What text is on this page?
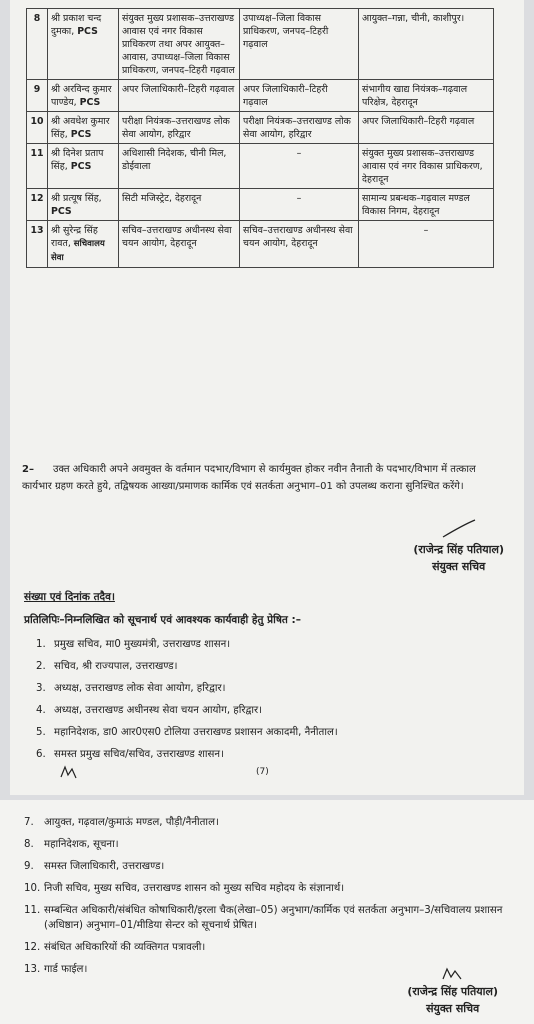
8	श्री प्रकाश चन्द दुमका, PCS	संयुक्त मुख्य प्रशासक–उत्तराखण्ड आवास एवं नगर विकास प्राधिकरण तथा अपर आयुक्त–आवास, उपाध्यक्ष–जिला विकास प्राधिकरण, जनपद–टिहरी गढ़वाल	उपाध्यक्ष–जिला विकास प्राधिकरण, जनपद–टिहरी गढ़वाल	आयुक्त–गन्ना, चीनी, काशीपुर।
9	श्री अरविन्द कुमार पाण्डेय, PCS	अपर जिलाधिकारी–टिहरी गढ़वाल	अपर जिलाधिकारी–टिहरी गढ़वाल	संभागीय खाद्य नियंत्रक–गढ़वाल परिक्षेत्र, देहरादून
10	श्री अवधेश कुमार सिंह, PCS	परीक्षा नियंत्रक–उत्तराखण्ड लोक सेवा आयोग, हरिद्वार	परीक्षा नियंत्रक–उत्तराखण्ड लोक सेवा आयोग, हरिद्वार	अपर जिलाधिकारी–टिहरी गढ़वाल
11	श्री दिनेश प्रताप सिंह, PCS	अधिशासी निदेशक, चीनी मिल, डोईवाला	–	संयुक्त मुख्य प्रशासक–उत्तराखण्ड आवास एवं नगर विकास प्राधिकरण, देहरादून
12	श्री प्रत्यूष सिंह, PCS	सिटी मजिस्ट्रेट, देहरादून	–	सामान्य प्रबन्धक–गढ़वाल मण्डल विकास निगम, देहरादून
13	श्री सुरेन्द्र सिंह रावत, सचिवालय सेवा	सचिव–उत्तराखण्ड अधीनस्थ सेवा चयन आयोग, देहरादून	सचिव–उत्तराखण्ड अधीनस्थ सेवा चयन आयोग, देहरादून	–
2– उक्त अधिकारी अपने अवमुक्त के वर्तमान पदभार/विभाग से कार्यमुक्त होकर नवीन तैनाती के पदभार/विभाग में तत्काल कार्यभार ग्रहण करते हुये, तद्विषयक आख्या/प्रमाणक कार्मिक एवं सतर्कता अनुभाग–01 को उपलब्ध कराना सुनिश्चित करेंगे।
(राजेन्द्र सिंह पतियाल)
संयुक्त सचिव
संख्या एवं दिनांक तदैव।
प्रतिलिपिः–निम्नलिखित को सूचनार्थ एवं आवश्यक कार्यवाही हेतु प्रेषित :–
1. प्रमुख सचिव, मा0 मुख्यमंत्री, उत्तराखण्ड शासन।
2. सचिव, श्री राज्यपाल, उत्तराखण्ड।
3. अध्यक्ष, उत्तराखण्ड लोक सेवा आयोग, हरिद्वार।
4. अध्यक्ष, उत्तराखण्ड अधीनस्थ सेवा चयन आयोग, हरिद्वार।
5. महानिदेशक, डा0 आर0एस0 टोलिया उत्तराखण्ड प्रशासन अकादमी, नैनीताल।
6. समस्त प्रमुख सचिव/सचिव, उत्तराखण्ड शासन।
(7)
7.	आयुक्त, गढ़वाल/कुमाऊं मण्डल, पौड़ी/नैनीताल।
8.	महानिदेशक, सूचना।
9.	समस्त जिलाधिकारी, उत्तराखण्ड।
10. निजी सचिव, मुख्य सचिव, उत्तराखण्ड शासन को मुख्य सचिव महोदय के संज्ञानार्थ।
11. सम्बन्धित अधिकारी/संबंधित कोषाधिकारी/इरला चैक(लेखा–05) अनुभाग/कार्मिक एवं सतर्कता अनुभाग–3/सचिवालय प्रशासन (अधिष्ठान) अनुभाग–01/मीडिया सेन्टर को सूचनार्थ प्रेषित।
12. संबंधित अधिकारियों की व्यक्तिगत पत्रावली।
13. गार्ड फाईल।
(राजेन्द्र सिंह पतियाल)
संयुक्त सचिव
